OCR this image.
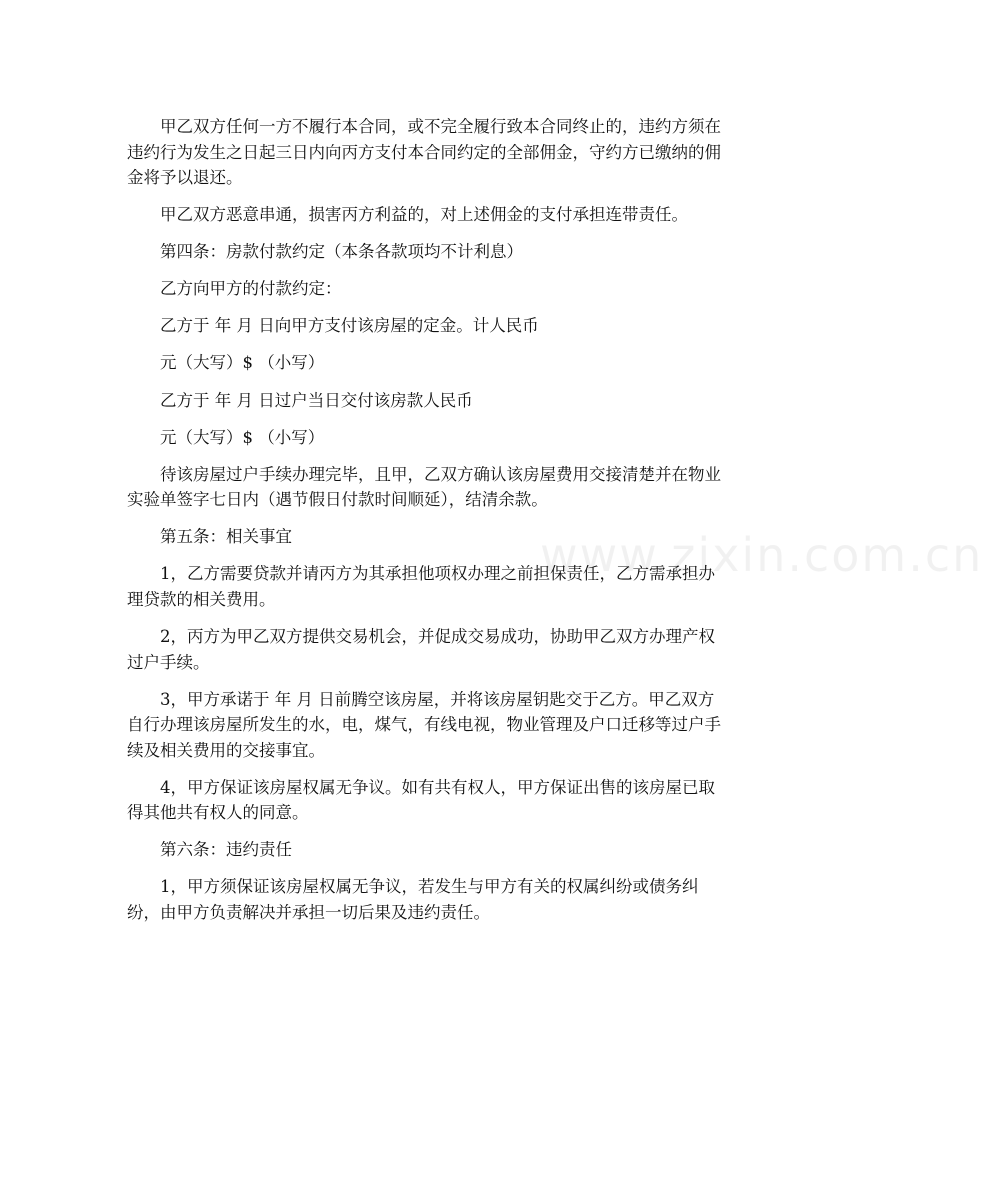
www.zixin.com.cn
甲乙双方任何一方不履行本合同，或不完全履行致本合同终止的，违约方须在
违约行为发生之日起三日内向丙方支付本合同约定的全部佣金，守约方已缴纳的佣
金将予以退还。
甲乙双方恶意串通，损害丙方利益的，对上述佣金的支付承担连带责任。
第四条：房款付款约定（本条各款项均不计利息）
乙方向甲方的付款约定：
乙方于 年 月 日向甲方支付该房屋的定金。计人民币
元（大写）$ （小写）
乙方于 年 月 日过户当日交付该房款人民币
元（大写）$ （小写）
待该房屋过户手续办理完毕，且甲，乙双方确认该房屋费用交接清楚并在物业
实验单签字七日内（遇节假日付款时间顺延），结清余款。
第五条：相关事宜
1，乙方需要贷款并请丙方为其承担他项权办理之前担保责任，乙方需承担办
理贷款的相关费用。
2，丙方为甲乙双方提供交易机会，并促成交易成功，协助甲乙双方办理产权
过户手续。
3，甲方承诺于 年 月 日前腾空该房屋，并将该房屋钥匙交于乙方。甲乙双方
自行办理该房屋所发生的水，电，煤气，有线电视，物业管理及户口迁移等过户手
续及相关费用的交接事宜。
4，甲方保证该房屋权属无争议。如有共有权人，甲方保证出售的该房屋已取
得其他共有权人的同意。
第六条：违约责任
1，甲方须保证该房屋权属无争议，若发生与甲方有关的权属纠纷或债务纠
纷，由甲方负责解决并承担一切后果及违约责任。
